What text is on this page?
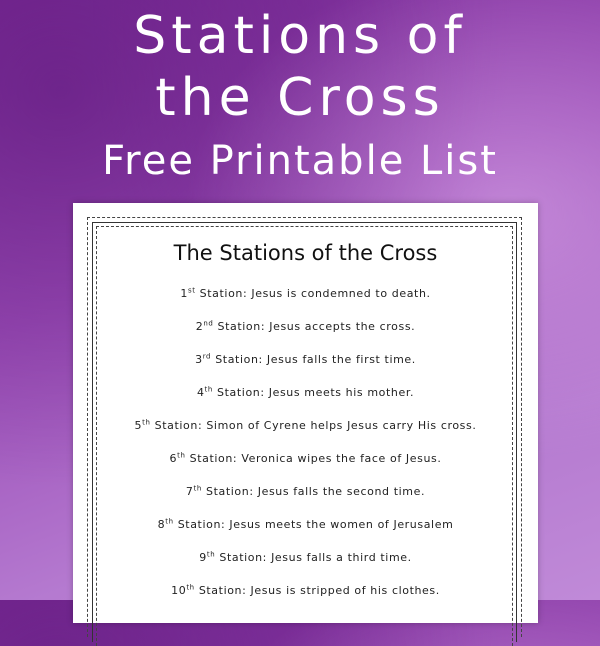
Stations of
the Cross
Free Printable List
The Stations of the Cross
1st Station: Jesus is condemned to death.
2nd Station: Jesus accepts the cross.
3rd Station: Jesus falls the first time.
4th Station: Jesus meets his mother.
5th Station: Simon of Cyrene helps Jesus carry His cross.
6th Station: Veronica wipes the face of Jesus.
7th Station: Jesus falls the second time.
8th Station: Jesus meets the women of Jerusalem
9th Station: Jesus falls a third time.
10th Station: Jesus is stripped of his clothes.
